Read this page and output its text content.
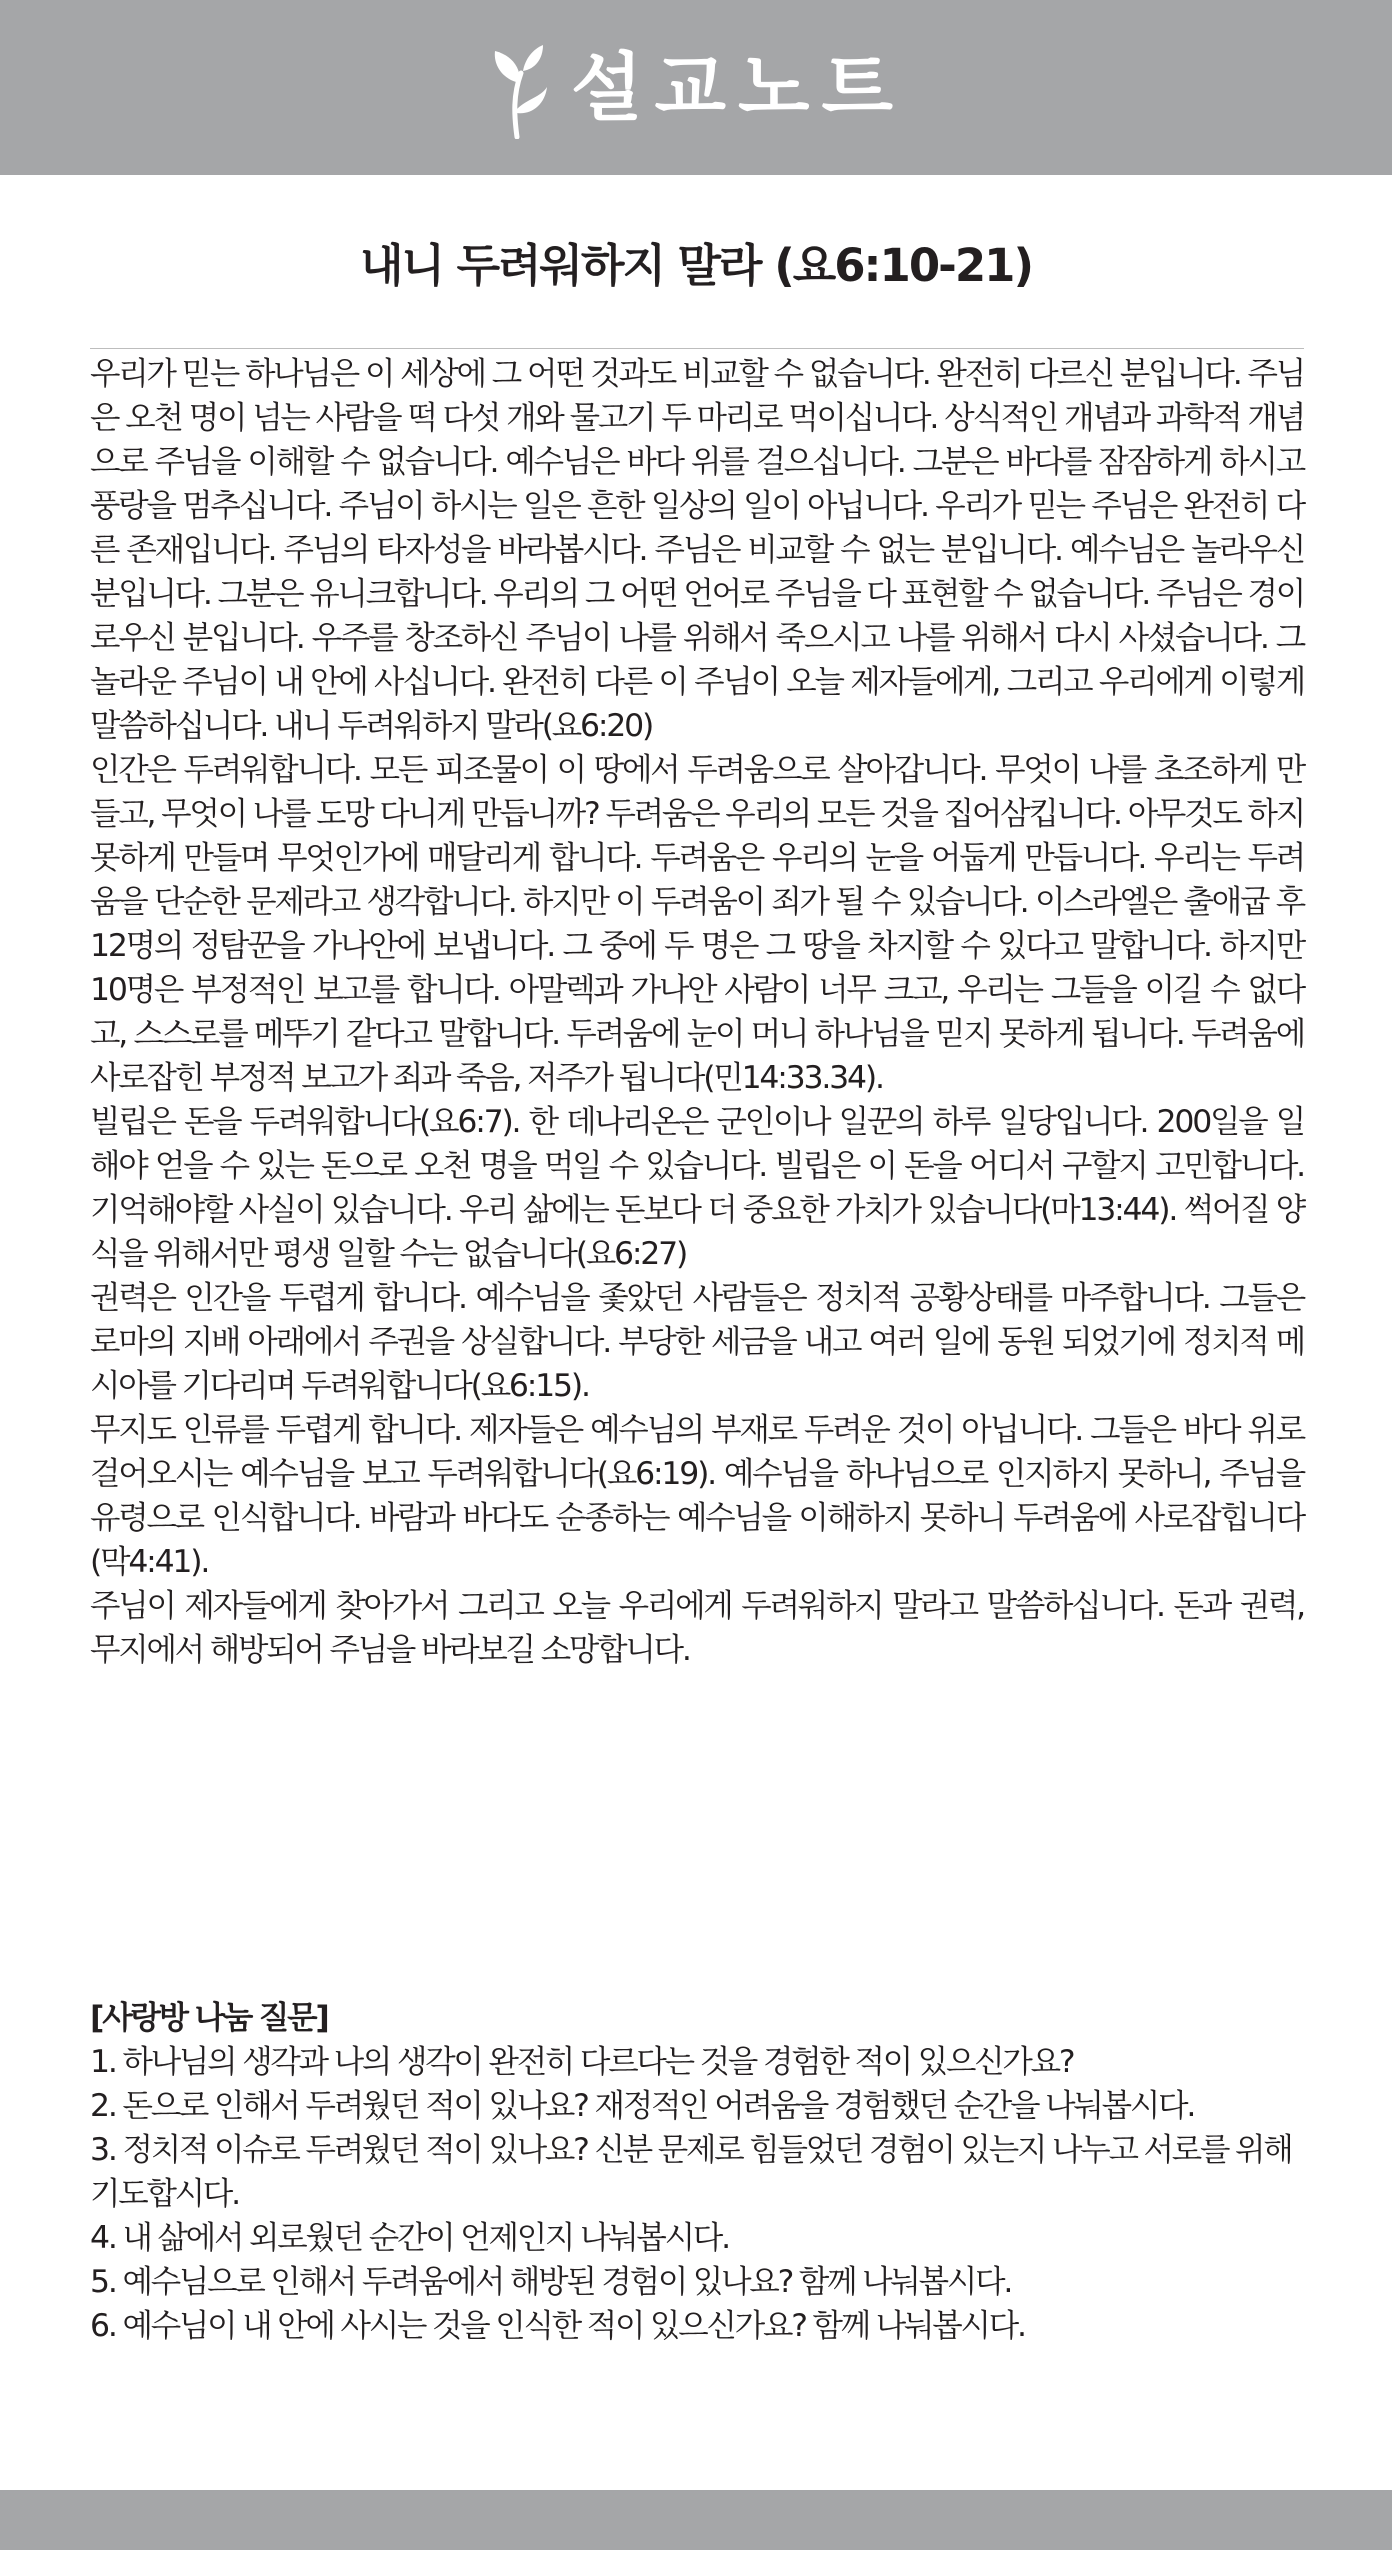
설교노트
내니 두려워하지 말라 (요6:10-21)

우리가 믿는 하나님은 이 세상에 그 어떤 것과도 비교할 수 없습니다. 완전히 다르신 분입니다. 주님은 오천 명이 넘는 사람을 떡 다섯 개와 물고기 두 마리로 먹이십니다. 상식적인 개념과 과학적 개념으로 주님을 이해할 수 없습니다. 예수님은 바다 위를 걸으십니다. 그분은 바다를 잠잠하게 하시고 풍랑을 멈추십니다. 주님이 하시는 일은 흔한 일상의 일이 아닙니다. 우리가 믿는 주님은 완전히 다른 존재입니다. 주님의 타자성을 바라봅시다. 주님은 비교할 수 없는 분입니다. 예수님은 놀라우신 분입니다. 그분은 유니크합니다. 우리의 그 어떤 언어로 주님을 다 표현할 수 없습니다. 주님은 경이로우신 분입니다. 우주를 창조하신 주님이 나를 위해서 죽으시고 나를 위해서 다시 사셨습니다. 그 놀라운 주님이 내 안에 사십니다. 완전히 다른 이 주님이 오늘 제자들에게, 그리고 우리에게 이렇게 말씀하십니다. 내니 두려워하지 말라(요6:20)

인간은 두려워합니다. 모든 피조물이 이 땅에서 두려움으로 살아갑니다. 무엇이 나를 초조하게 만들고, 무엇이 나를 도망 다니게 만듭니까? 두려움은 우리의 모든 것을 집어삼킵니다. 아무것도 하지 못하게 만들며 무엇인가에 매달리게 합니다. 두려움은 우리의 눈을 어둡게 만듭니다. 우리는 두려움을 단순한 문제라고 생각합니다. 하지만 이 두려움이 죄가 될 수 있습니다. 이스라엘은 출애굽 후 12명의 정탐꾼을 가나안에 보냅니다. 그 중에 두 명은 그 땅을 차지할 수 있다고 말합니다. 하지만 10명은 부정적인 보고를 합니다. 아말렉과 가나안 사람이 너무 크고, 우리는 그들을 이길 수 없다고, 스스로를 메뚜기 같다고 말합니다. 두려움에 눈이 머니 하나님을 믿지 못하게 됩니다. 두려움에 사로잡힌 부정적 보고가 죄과 죽음, 저주가 됩니다(민14:33.34).

빌립은 돈을 두려워합니다(요6:7). 한 데나리온은 군인이나 일꾼의 하루 일당입니다. 200일을 일해야 얻을 수 있는 돈으로 오천 명을 먹일 수 있습니다. 빌립은 이 돈을 어디서 구할지 고민합니다. 기억해야할 사실이 있습니다. 우리 삶에는 돈보다 더 중요한 가치가 있습니다(마13:44). 썩어질 양식을 위해서만 평생 일할 수는 없습니다(요6:27)

권력은 인간을 두렵게 합니다. 예수님을 좇았던 사람들은 정치적 공황상태를 마주합니다. 그들은 로마의 지배 아래에서 주권을 상실합니다. 부당한 세금을 내고 여러 일에 동원 되었기에 정치적 메시아를 기다리며 두려워합니다(요6:15).

무지도 인류를 두렵게 합니다. 제자들은 예수님의 부재로 두려운 것이 아닙니다. 그들은 바다 위로 걸어오시는 예수님을 보고 두려워합니다(요6:19). 예수님을 하나님으로 인지하지 못하니, 주님을 유령으로 인식합니다. 바람과 바다도 순종하는 예수님을 이해하지 못하니 두려움에 사로잡힙니다(막4:41).

주님이 제자들에게 찾아가서 그리고 오늘 우리에게 두려워하지 말라고 말씀하십니다. 돈과 권력, 무지에서 해방되어 주님을 바라보길 소망합니다.

[사랑방 나눔 질문]

1. 하나님의 생각과 나의 생각이 완전히 다르다는 것을 경험한 적이 있으신가요?
2. 돈으로 인해서 두려웠던 적이 있나요? 재정적인 어려움을 경험했던 순간을 나눠봅시다.
3. 정치적 이슈로 두려웠던 적이 있나요? 신분 문제로 힘들었던 경험이 있는지 나누고 서로를 위해 기도합시다.
4. 내 삶에서 외로웠던 순간이 언제인지 나눠봅시다.
5. 예수님으로 인해서 두려움에서 해방된 경험이 있나요? 함께 나눠봅시다.
6. 예수님이 내 안에 사시는 것을 인식한 적이 있으신가요? 함께 나눠봅시다.
